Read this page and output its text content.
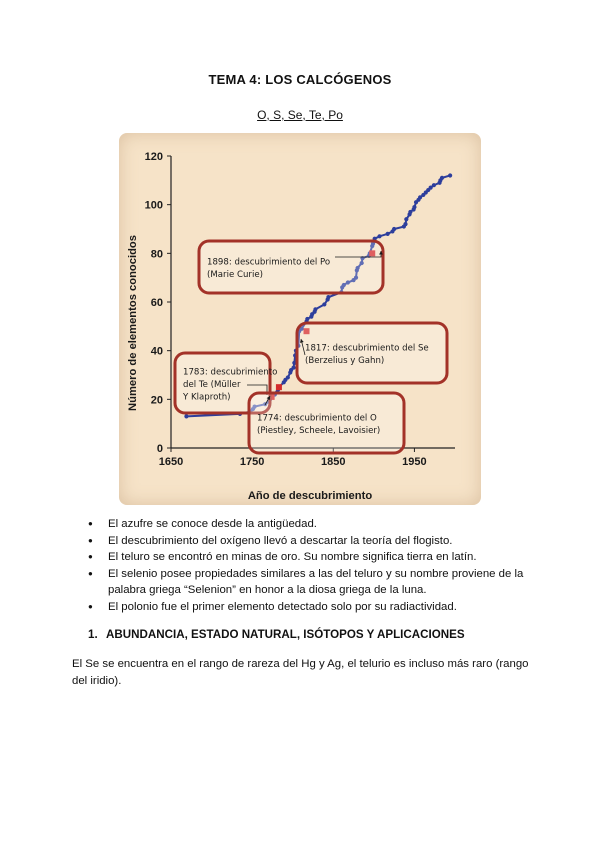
TEMA 4: LOS CALCÓGENOS
O, S, Se, Te, Po
0
20
40
60
80
100
120
1650	1750	1850	1950
1898: descubrimiento del Po
(Marie Curie)
1817: descubrimiento del Se
(Berzelius y Gahn)
1783: descubrimiento
del Te (Müller
Y Klaproth)
1774: descubrimiento del O
(Piestley, Scheele, Lavoisier)
Número de elementos conocidos
Año de descubrimiento
● El azufre se conoce desde la antigüedad.
● El descubrimiento del oxígeno llevó a descartar la teoría del flogisto.
● El teluro se encontró en minas de oro. Su nombre significa tierra en latín.
● El selenio posee propiedades similares a las del teluro y su nombre proviene de la palabra griega “Selenion” en honor a la diosa griega de la luna.
● El polonio fue el primer elemento detectado solo por su radiactividad.
1. ABUNDANCIA, ESTADO NATURAL, ISÓTOPOS Y APLICACIONES
El Se se encuentra en el rango de rareza del Hg y Ag, el telurio es incluso más raro (rango del iridio).
